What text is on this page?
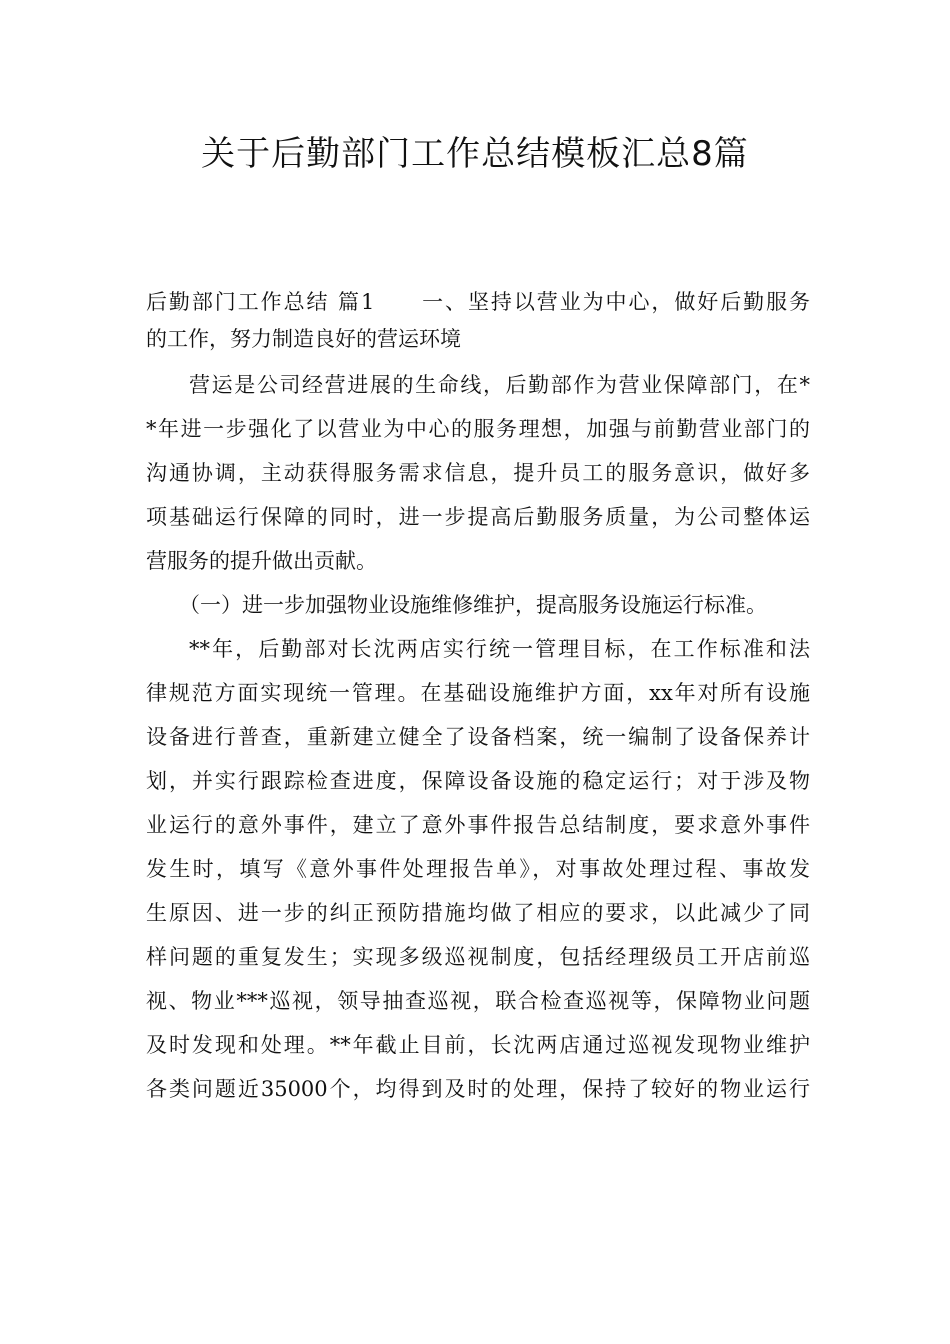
关于后勤部门工作总结模板汇总8篇
后勤部门工作总结 篇1　　一、坚持以营业为中心，做好后勤服务
的工作，努力制造良好的营运环境
营运是公司经营进展的生命线，后勤部作为营业保障部门，在*
*年进一步强化了以营业为中心的服务理想，加强与前勤营业部门的
沟通协调，主动获得服务需求信息，提升员工的服务意识，做好多
项基础运行保障的同时，进一步提高后勤服务质量，为公司整体运
营服务的提升做出贡献。
（一）进一步加强物业设施维修维护，提高服务设施运行标准。
**年，后勤部对长沈两店实行统一管理目标，在工作标准和法
律规范方面实现统一管理。在基础设施维护方面，xx年对所有设施
设备进行普查，重新建立健全了设备档案，统一编制了设备保养计
划，并实行跟踪检查进度，保障设备设施的稳定运行；对于涉及物
业运行的意外事件，建立了意外事件报告总结制度，要求意外事件
发生时，填写《意外事件处理报告单》，对事故处理过程、事故发
生原因、进一步的纠正预防措施均做了相应的要求，以此减少了同
样问题的重复发生；实现多级巡视制度，包括经理级员工开店前巡
视、物业***巡视，领导抽查巡视，联合检查巡视等，保障物业问题
及时发现和处理。**年截止目前，长沈两店通过巡视发现物业维护
各类问题近35000个，均得到及时的处理，保持了较好的物业运行
